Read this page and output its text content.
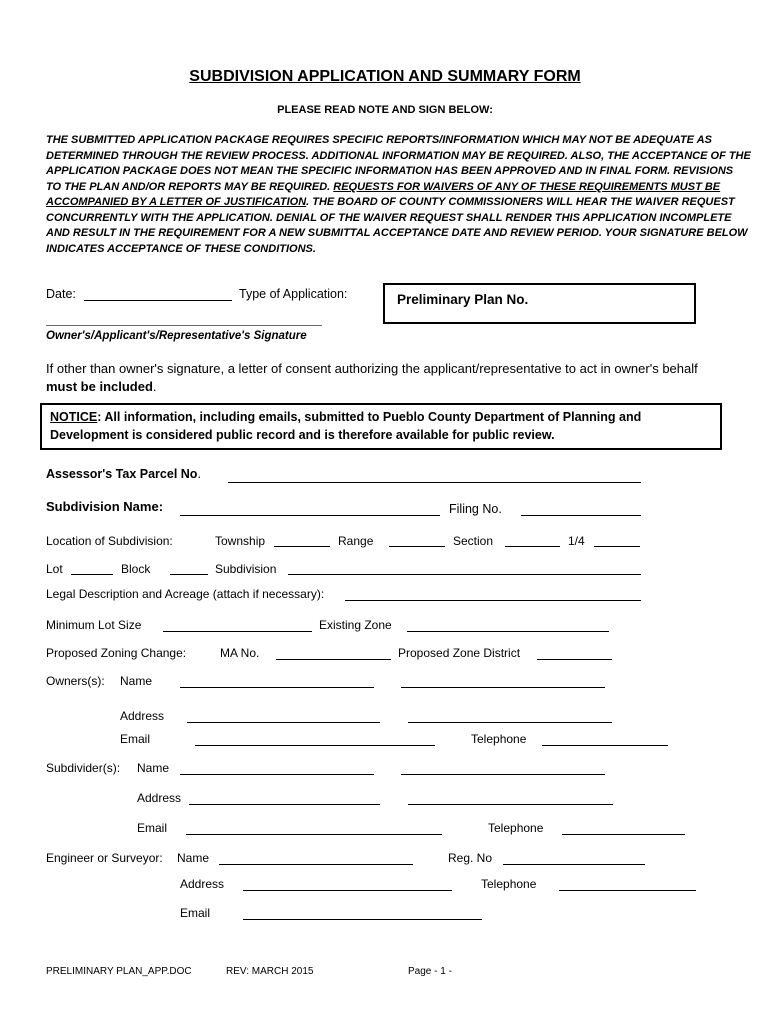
SUBDIVISION APPLICATION AND SUMMARY FORM
PLEASE READ NOTE AND SIGN BELOW:
THE SUBMITTED APPLICATION PACKAGE REQUIRES SPECIFIC REPORTS/INFORMATION WHICH MAY NOT BE ADEQUATE AS DETERMINED THROUGH THE REVIEW PROCESS. ADDITIONAL INFORMATION MAY BE REQUIRED. ALSO, THE ACCEPTANCE OF THE APPLICATION PACKAGE DOES NOT MEAN THE SPECIFIC INFORMATION HAS BEEN APPROVED AND IN FINAL FORM. REVISIONS TO THE PLAN AND/OR REPORTS MAY BE REQUIRED. REQUESTS FOR WAIVERS OF ANY OF THESE REQUIREMENTS MUST BE ACCOMPANIED BY A LETTER OF JUSTIFICATION. THE BOARD OF COUNTY COMMISSIONERS WILL HEAR THE WAIVER REQUEST CONCURRENTLY WITH THE APPLICATION. DENIAL OF THE WAIVER REQUEST SHALL RENDER THIS APPLICATION INCOMPLETE AND RESULT IN THE REQUIREMENT FOR A NEW SUBMITTAL ACCEPTANCE DATE AND REVIEW PERIOD. YOUR SIGNATURE BELOW INDICATES ACCEPTANCE OF THESE CONDITIONS.
Date:	Type of Application:	Preliminary Plan No.
Owner's/Applicant's/Representative's Signature
If other than owner's signature, a letter of consent authorizing the applicant/representative to act in owner's behalf must be included.
NOTICE: All information, including emails, submitted to Pueblo County Department of Planning and Development is considered public record and is therefore available for public review.
Assessor's Tax Parcel No.
Subdivision Name:	Filing No.
Location of Subdivision:	Township	Range	Section	1/4
Lot	Block	Subdivision
Legal Description and Acreage (attach if necessary):
Minimum Lot Size	Existing Zone
Proposed Zoning Change:	MA No.	Proposed Zone District
Owners(s): Name
Address
Email	Telephone
Subdivider(s): Name
Address
Email	Telephone
Engineer or Surveyor: Name	Reg. No
Address	Telephone
Email
PRELIMINARY PLAN_APP.DOC	REV: MARCH 2015	Page - 1 -
